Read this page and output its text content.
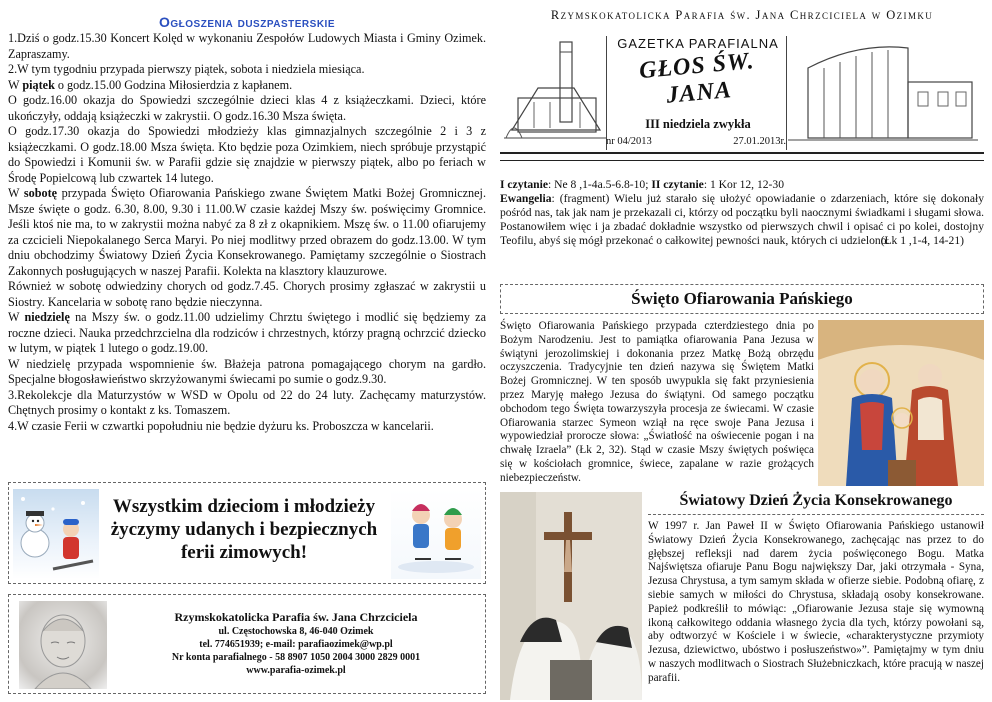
Ogłoszenia duszpasterskie

1.Dziś o godz.15.30 Koncert Kolęd w wykonaniu Zespołów Ludowych Miasta i Gminy Ozimek. Zapraszamy.

2.W tym tygodniu przypada pierwszy piątek, sobota i niedziela miesiąca.

W piątek o godz.15.00 Godzina Miłosierdzia z kapłanem.

O godz.16.00 okazja do Spowiedzi szczególnie dzieci klas 4 z książeczkami. Dzieci, które ukończyły, oddają książeczki w zakrystii. O godz.16.30 Msza święta.

O godz.17.30 okazja do Spowiedzi młodzieży klas gimnazjalnych szczególnie 2 i 3 z książeczkami. O godz.18.00 Msza święta. Kto będzie poza Ozimkiem, niech spróbuje przystąpić do Spowiedzi i Komunii św. w Parafii gdzie się znajdzie w pierwszy piątek, albo po feriach w Środę Popielcową lub czwartek 14 lutego.

W sobotę przypada Święto Ofiarowania Pańskiego zwane Świętem Matki Bożej Gromnicznej. Msze święte o godz. 6.30, 8.00, 9.30 i 11.00.W czasie każdej Mszy św. poświęcimy Gromnice. Jeśli ktoś nie ma, to w zakrystii można nabyć za 8 zł z okapnikiem. Mszę św. o 11.00 ofiarujemy za czcicieli Niepokalanego Serca Maryi. Po niej modlitwy przed obrazem do godz.13.00. W tym dniu obchodzimy Światowy Dzień Życia Konsekrowanego. Pamiętamy szczególnie o Siostrach Zakonnych posługujących w naszej Parafii. Kolekta na klasztory klauzurowe.

Również w sobotę odwiedziny chorych od godz.7.45. Chorych prosimy zgłaszać w zakrystii u Siostry. Kancelaria w sobotę rano będzie nieczynna.

W niedzielę na Mszy św. o godz.11.00 udzielimy Chrztu świętego i modlić się będziemy za roczne dzieci. Nauka przedchrzcielna dla rodziców i chrzestnych, którzy pragną ochrzcić dziecko w lutym, w piątek 1 lutego o godz.19.00.

W niedzielę przypada wspomnienie św. Błażeja patrona pomagającego chorym na gardło. Specjalne błogosławieństwo skrzyżowanymi świecami po sumie o godz.9.30.

3.Rekolekcje dla Maturzystów w WSD w Opolu od 22 do 24 luty. Zachęcamy maturzystów. Chętnych prosimy o kontakt z ks. Tomaszem.

4.W czasie Ferii w czwartki popołudniu nie będzie dyżuru ks. Proboszcza w kancelarii.

Wszystkim dzieciom i młodzieży życzymy udanych i bezpiecznych ferii zimowych!
Rzymskokatolicka Parafia św. Jana Chrzciciela
ul. Częstochowska 8, 46-040 Ozimek
tel. 774651939; e-mail: parafiaozimek@wp.pl
Nr konta parafialnego - 58 8907 1050 2004 3000 2829 0001
www.parafia-ozimek.pl
Rzymskokatolicka Parafia św. Jana Chrzciciela w Ozimku
GAZETKA PARAFIALNA
GŁOS ŚW. JANA
III niedziela zwykła
nr 04/2013	27.01.2013r.

I czytanie: Ne 8 ,1-4a.5-6.8-10; II czytanie: 1 Kor 12, 12-30

Ewangelia: (fragment) Wielu już starało się ułożyć opowiadanie o zdarzeniach, które się dokonały pośród nas, tak jak nam je przekazali ci, którzy od początku byli naocznymi świadkami i sługami słowa. Postanowiłem więc i ja zbadać dokładnie wszystko od pierwszych chwil i opisać ci po kolei, dostojny Teofilu, abyś się mógł przekonać o całkowitej pewności nauk, których ci udzielono.

(Łk 1 ,1-4, 14-21)

Święto Ofiarowania Pańskiego

Święto Ofiarowania Pańskiego przypada czterdziestego dnia po Bożym Narodzeniu. Jest to pamiątka ofiarowania Pana Jezusa w świątyni jerozolimskiej i dokonania przez Matkę Bożą obrzędu oczyszczenia. Tradycyjnie ten dzień nazywa się Świętem Matki Bożej Gromnicznej. W ten sposób uwypukla się fakt przyniesienia przez Maryję małego Jezusa do świątyni. Od samego początku obchodom tego Święta towarzyszyła procesja ze świecami. W czasie Ofiarowania starzec Symeon wziął na ręce swoje Pana Jezusa i wypowiedział prorocze słowa: „Światłość na oświecenie pogan i na chwałę Izraela” (Łk 2, 32). Stąd w czasie Mszy świętych poświęca się w kościołach gromnice, świece, zapalane w razie grożących niebezpieczeństw.

Światowy Dzień Życia Konsekrowanego

W 1997 r. Jan Paweł II w Święto Ofiarowania Pańskiego ustanowił Światowy Dzień Życia Konsekrowanego, zachęcając nas przez to do głębszej refleksji nad darem życia poświęconego Bogu. Matka Najświętsza ofiaruje Panu Bogu największy Dar, jaki otrzymała - Syna, Jezusa Chrystusa, a tym samym składa w ofierze siebie. Podobną ofiarę, z siebie samych w miłości do Chrystusa, składają osoby konsekrowane. Papież podkreślił to mówiąc: „Ofiarowanie Jezusa staje się wymowną ikoną całkowitego oddania własnego życia dla tych, którzy powołani są, aby odtworzyć w Kościele i w świecie, «charakterystyczne przymioty Jezusa, dziewictwo, ubóstwo i posłuszeństwo»”. Pamiętajmy w tym dniu w naszych modlitwach o Siostrach Służebniczkach, które pracują w naszej parafii.
